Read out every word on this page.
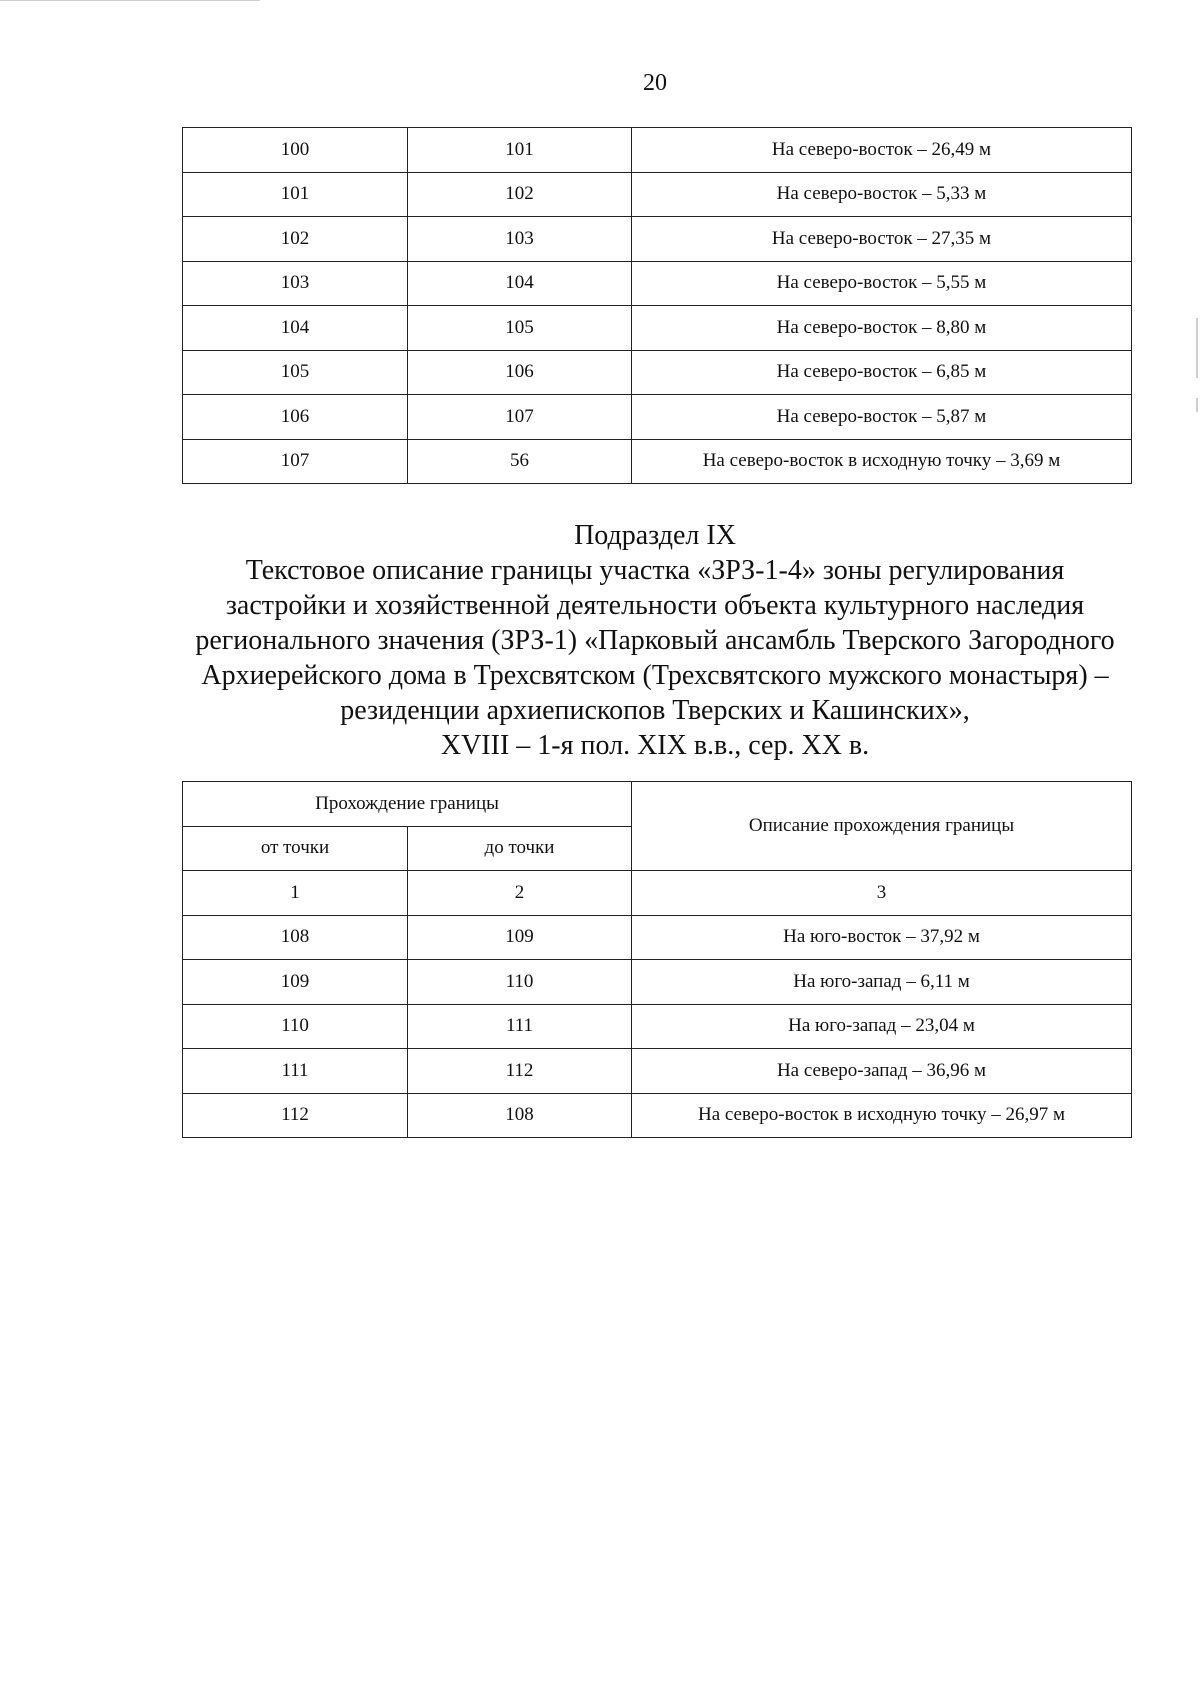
20
100	101	На северо-восток – 26,49 м
101	102	На северо-восток – 5,33 м
102	103	На северо-восток – 27,35 м
103	104	На северо-восток – 5,55 м
104	105	На северо-восток – 8,80 м
105	106	На северо-восток – 6,85 м
106	107	На северо-восток – 5,87 м
107	56	На северо-восток в исходную точку – 3,69 м
Подраздел IX
Текстовое описание границы участка «ЗРЗ-1-4» зоны регулирования
застройки и хозяйственной деятельности объекта культурного наследия
регионального значения (ЗРЗ-1) «Парковый ансамбль Тверского Загородного
Архиерейского дома в Трехсвятском (Трехсвятского мужского монастыря) –
резиденции архиепископов Тверских и Кашинских»,
XVIII – 1-я пол. XIX в.в., сер. XX в.
Прохождение границы		Описание прохождения границы
от точки	до точки	
1	2	3
108	109	На юго-восток – 37,92 м
109	110	На юго-запад – 6,11 м
110	111	На юго-запад – 23,04 м
111	112	На северо-запад – 36,96 м
112	108	На северо-восток в исходную точку – 26,97 м
